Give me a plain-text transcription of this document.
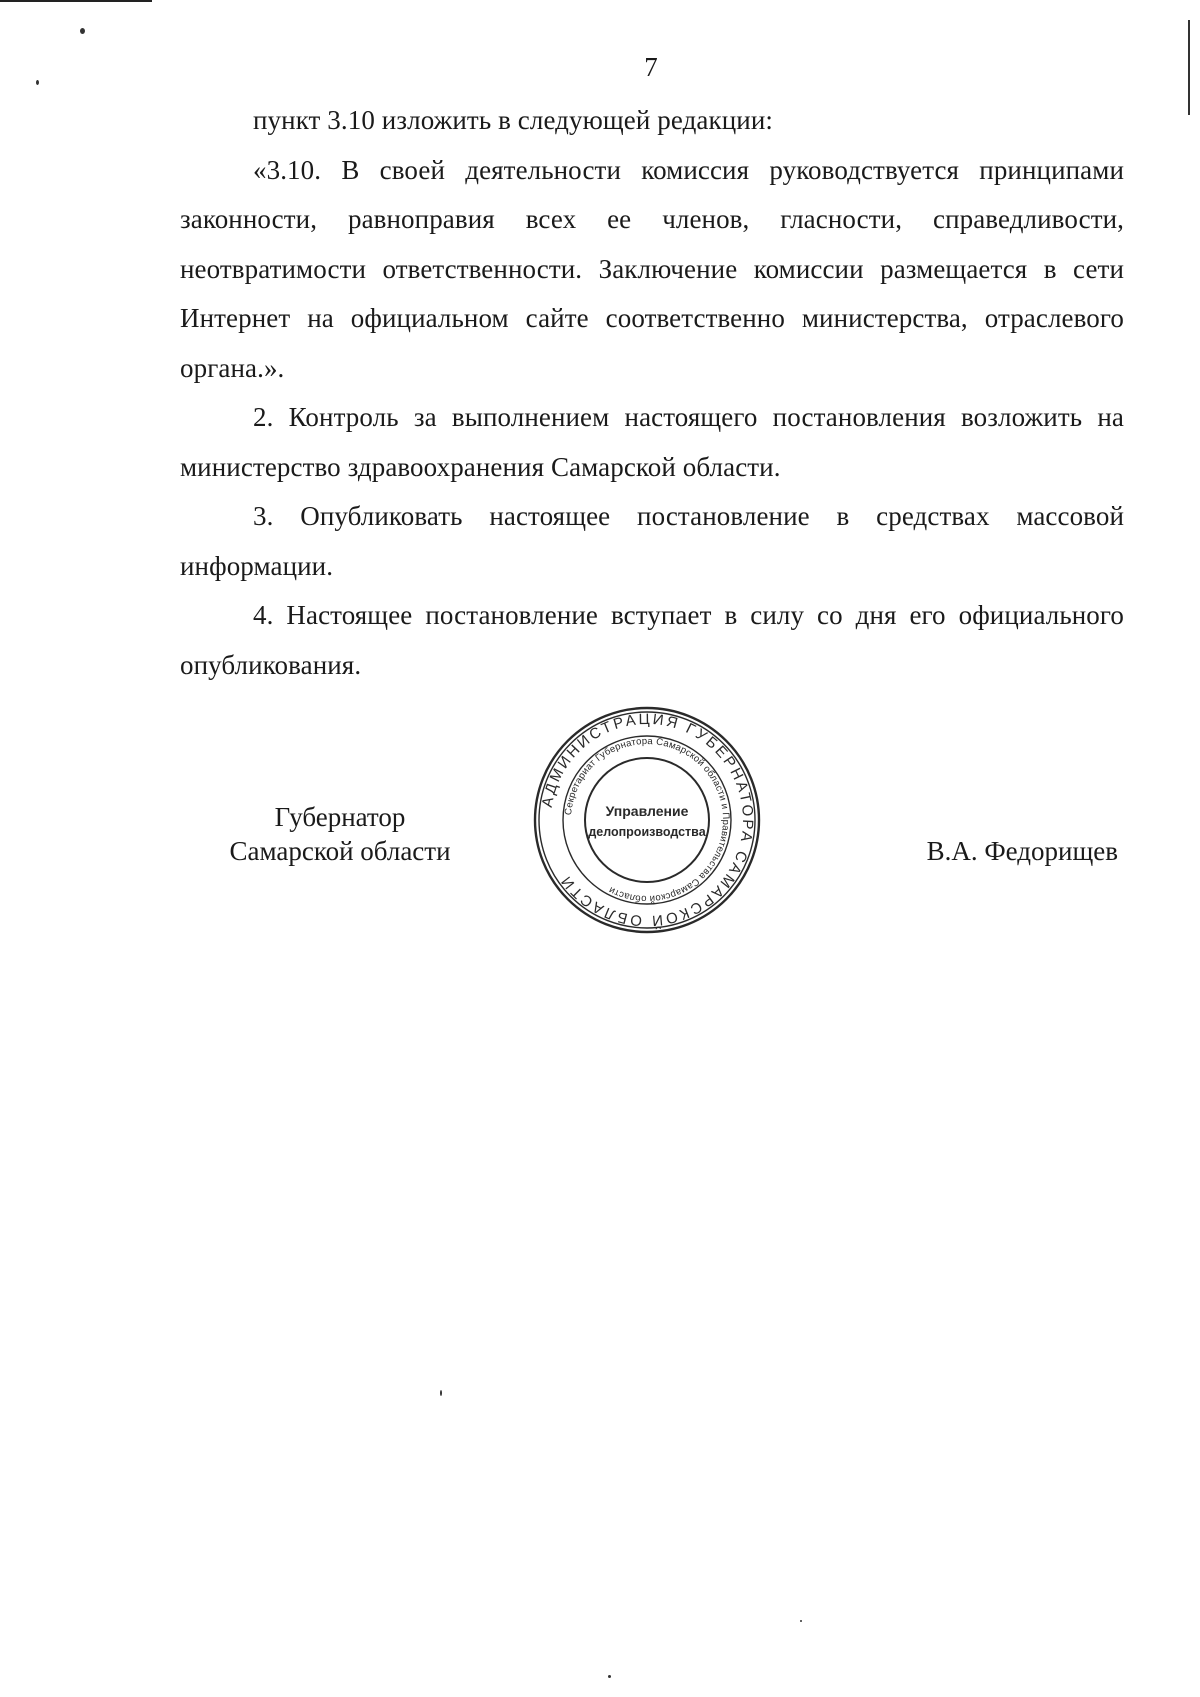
7

пункт 3.10 изложить в следующей редакции:

«3.10. В своей деятельности комиссия руководствуется принципами законности, равноправия всех ее членов, гласности, справедливости, неотвратимости ответственности. Заключение комиссии размещается в сети Интернет на официальном сайте соответственно министерства, отраслевого органа.».

2. Контроль за выполнением настоящего постановления возложить на министерство здравоохранения Самарской области.

3. Опубликовать настоящее постановление в средствах массовой информации.

4. Настоящее постановление вступает в силу со дня его официального опубликования.

АДМИНИСТРАЦИЯ ГУБЕРНАТОРА САМАРСКОЙ ОБЛАСТИ
Секретариат Губернатора Самарской области и Правительства Самарской области
Управление
делопроизводства
Губернатор
Самарской области	В.А. Федорищев
